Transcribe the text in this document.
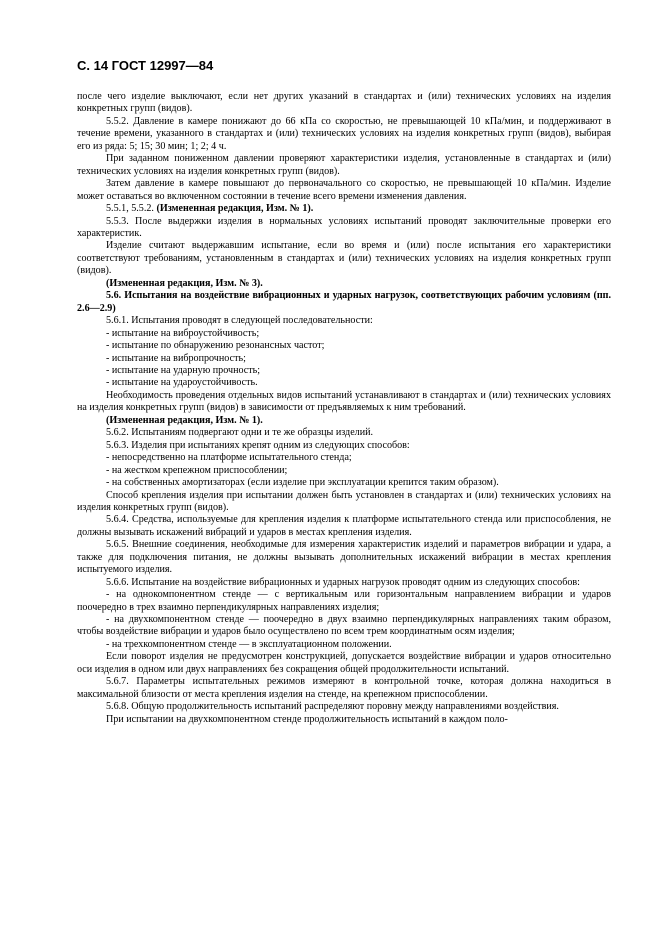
С. 14 ГОСТ 12997—84

после чего изделие выключают, если нет других указаний в стандартах и (или) технических условиях на изделия конкретных групп (видов).

5.5.2. Давление в камере понижают до 66 кПа со скоростью, не превышающей 10 кПа/мин, и поддерживают в течение времени, указанного в стандартах и (или) технических условиях на изделия конкретных групп (видов), выбирая его из ряда: 5; 15; 30 мин; 1; 2; 4 ч.

При заданном пониженном давлении проверяют характеристики изделия, установленные в стандартах и (или) технических условиях на изделия конкретных групп (видов).

Затем давление в камере повышают до первоначального со скоростью, не превышающей 10 кПа/мин. Изделие может оставаться во включенном состоянии в течение всего времени изменения давления.

5.5.1, 5.5.2. (Измененная редакция, Изм. № 1).

5.5.3. После выдержки изделия в нормальных условиях испытаний проводят заключительные проверки его характеристик.

Изделие считают выдержавшим испытание, если во время и (или) после испытания его характеристики соответствуют требованиям, установленным в стандартах и (или) технических условиях на изделия конкретных групп (видов).

(Измененная редакция, Изм. № 3).

5.6. Испытания на воздействие вибрационных и ударных нагрузок, соответствующих рабочим условиям (пп. 2.6—2.9)

5.6.1. Испытания проводят в следующей последовательности:

- испытание на виброустойчивость;

- испытание по обнаружению резонансных частот;

- испытание на вибропрочность;

- испытание на ударную прочность;

- испытание на удароустойчивость.

Необходимость проведения отдельных видов испытаний устанавливают в стандартах и (или) технических условиях на изделия конкретных групп (видов) в зависимости от предъявляемых к ним требований.

(Измененная редакция, Изм. № 1).

5.6.2. Испытаниям подвергают одни и те же образцы изделий.

5.6.3. Изделия при испытаниях крепят одним из следующих способов:

- непосредственно на платформе испытательного стенда;

- на жестком крепежном приспособлении;

- на собственных амортизаторах (если изделие при эксплуатации крепится таким образом).

Способ крепления изделия при испытании должен быть установлен в стандартах и (или) технических условиях на изделия конкретных групп (видов).

5.6.4. Средства, используемые для крепления изделия к платформе испытательного стенда или приспособления, не должны вызывать искажений вибраций и ударов в местах крепления изделия.

5.6.5. Внешние соединения, необходимые для измерения характеристик изделий и параметров вибрации и удара, а также для подключения питания, не должны вызывать дополнительных искажений вибрации в местах крепления испытуемого изделия.

5.6.6. Испытание на воздействие вибрационных и ударных нагрузок проводят одним из следующих способов:

- на однокомпонентном стенде — с вертикальным или горизонтальным направлением вибрации и ударов поочередно в трех взаимно перпендикулярных направлениях изделия;

- на двухкомпонентном стенде — поочередно в двух взаимно перпендикулярных направлениях таким образом, чтобы воздействие вибрации и ударов было осуществлено по всем трем координатным осям изделия;

- на трехкомпонентном стенде — в эксплуатационном положении.

Если поворот изделия не предусмотрен конструкцией, допускается воздействие вибрации и ударов относительно оси изделия в одном или двух направлениях без сокращения общей продолжительности испытаний.

5.6.7. Параметры испытательных режимов измеряют в контрольной точке, которая должна находиться в максимальной близости от места крепления изделия на стенде, на крепежном приспособлении.

5.6.8. Общую продолжительность испытаний распределяют поровну между направлениями воздействия.

При испытании на двухкомпонентном стенде продолжительность испытаний в каждом поло-
